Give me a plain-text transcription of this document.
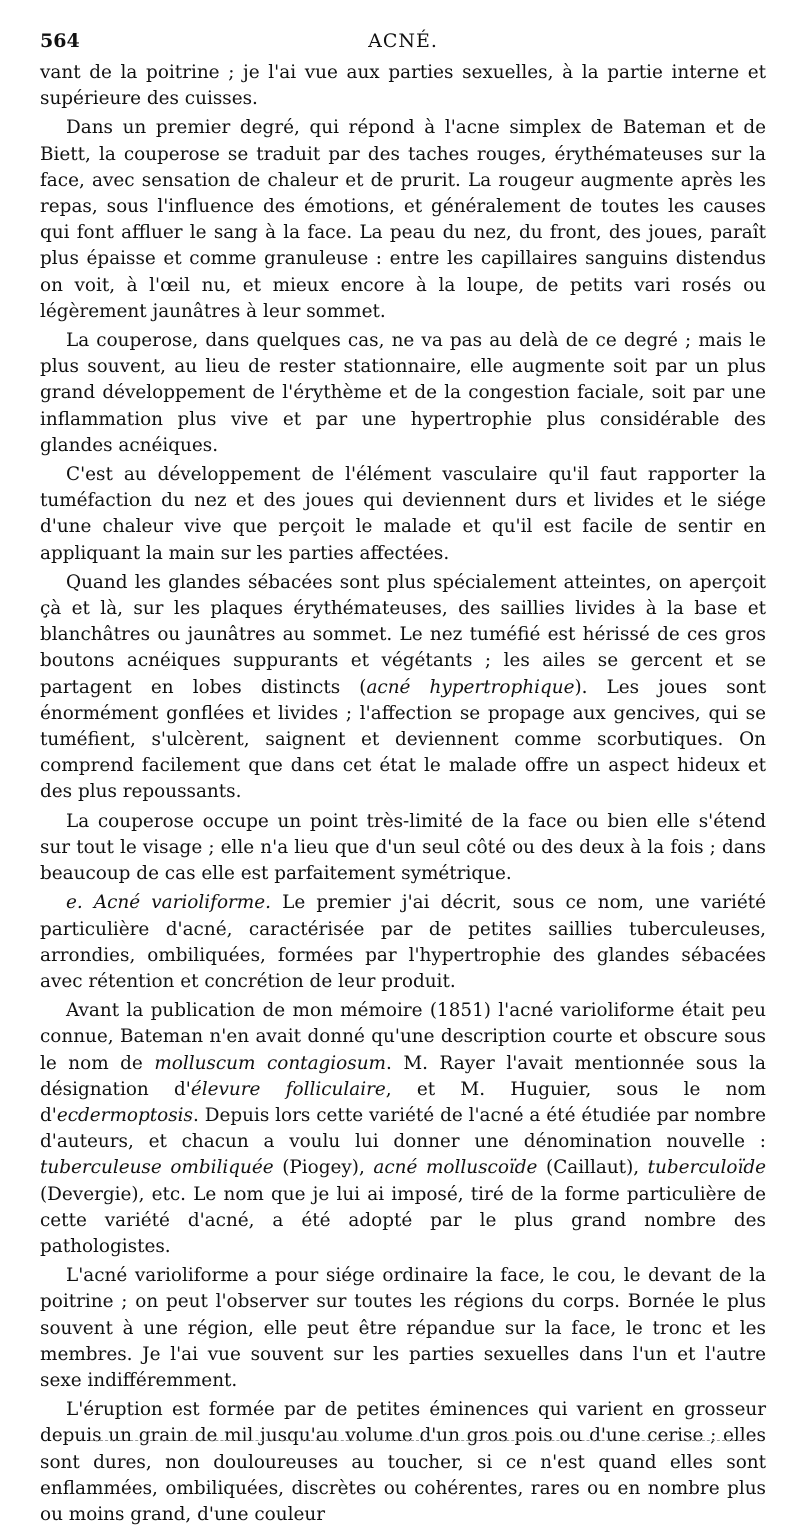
564	ACNÉ.

vant de la poitrine ; je l'ai vue aux parties sexuelles, à la partie interne et supérieure des cuisses.

Dans un premier degré, qui répond à l'acne simplex de Bateman et de Biett, la couperose se traduit par des taches rouges, érythémateuses sur la face, avec sensation de chaleur et de prurit. La rougeur augmente après les repas, sous l'influence des émotions, et généralement de toutes les causes qui font affluer le sang à la face. La peau du nez, du front, des joues, paraît plus épaisse et comme granuleuse : entre les capillaires sanguins distendus on voit, à l'œil nu, et mieux encore à la loupe, de petits vari rosés ou légèrement jaunâtres à leur sommet.

La couperose, dans quelques cas, ne va pas au delà de ce degré ; mais le plus souvent, au lieu de rester stationnaire, elle augmente soit par un plus grand développement de l'érythème et de la congestion faciale, soit par une inflammation plus vive et par une hypertrophie plus considérable des glandes acnéiques.

C'est au développement de l'élément vasculaire qu'il faut rapporter la tuméfaction du nez et des joues qui deviennent durs et livides et le siége d'une chaleur vive que perçoit le malade et qu'il est facile de sentir en appliquant la main sur les parties affectées.

Quand les glandes sébacées sont plus spécialement atteintes, on aperçoit çà et là, sur les plaques érythémateuses, des saillies livides à la base et blanchâtres ou jaunâtres au sommet. Le nez tuméfié est hérissé de ces gros boutons acnéiques suppurants et végétants ; les ailes se gercent et se partagent en lobes distincts (acné hypertrophique). Les joues sont énormément gonflées et livides ; l'affection se propage aux gencives, qui se tuméfient, s'ulcèrent, saignent et deviennent comme scorbutiques. On comprend facilement que dans cet état le malade offre un aspect hideux et des plus repoussants.

La couperose occupe un point très-limité de la face ou bien elle s'étend sur tout le visage ; elle n'a lieu que d'un seul côté ou des deux à la fois ; dans beaucoup de cas elle est parfaitement symétrique.

e. Acné varioliforme. Le premier j'ai décrit, sous ce nom, une variété particulière d'acné, caractérisée par de petites saillies tuberculeuses, arrondies, ombiliquées, formées par l'hypertrophie des glandes sébacées avec rétention et concrétion de leur produit.

Avant la publication de mon mémoire (1851) l'acné varioliforme était peu connue, Bateman n'en avait donné qu'une description courte et obscure sous le nom de molluscum contagiosum. M. Rayer l'avait mentionnée sous la désignation d'élevure folliculaire, et M. Huguier, sous le nom d'ecdermoptosis. Depuis lors cette variété de l'acné a été étudiée par nombre d'auteurs, et chacun a voulu lui donner une dénomination nouvelle : tuberculeuse ombiliquée (Piogey), acné molluscoïde (Caillaut), tuberculoïde (Devergie), etc. Le nom que je lui ai imposé, tiré de la forme particulière de cette variété d'acné, a été adopté par le plus grand nombre des pathologistes.

L'acné varioliforme a pour siége ordinaire la face, le cou, le devant de la poitrine ; on peut l'observer sur toutes les régions du corps. Bornée le plus souvent à une région, elle peut être répandue sur la face, le tronc et les membres. Je l'ai vue souvent sur les parties sexuelles dans l'un et l'autre sexe indifféremment.

L'éruption est formée par de petites éminences qui varient en grosseur depuis un grain de mil jusqu'au volume d'un gros pois ou d'une cerise ; elles sont dures, non douloureuses au toucher, si ce n'est quand elles sont enflammées, ombiliquées, discrètes ou cohérentes, rares ou en nombre plus ou moins grand, d'une couleur
